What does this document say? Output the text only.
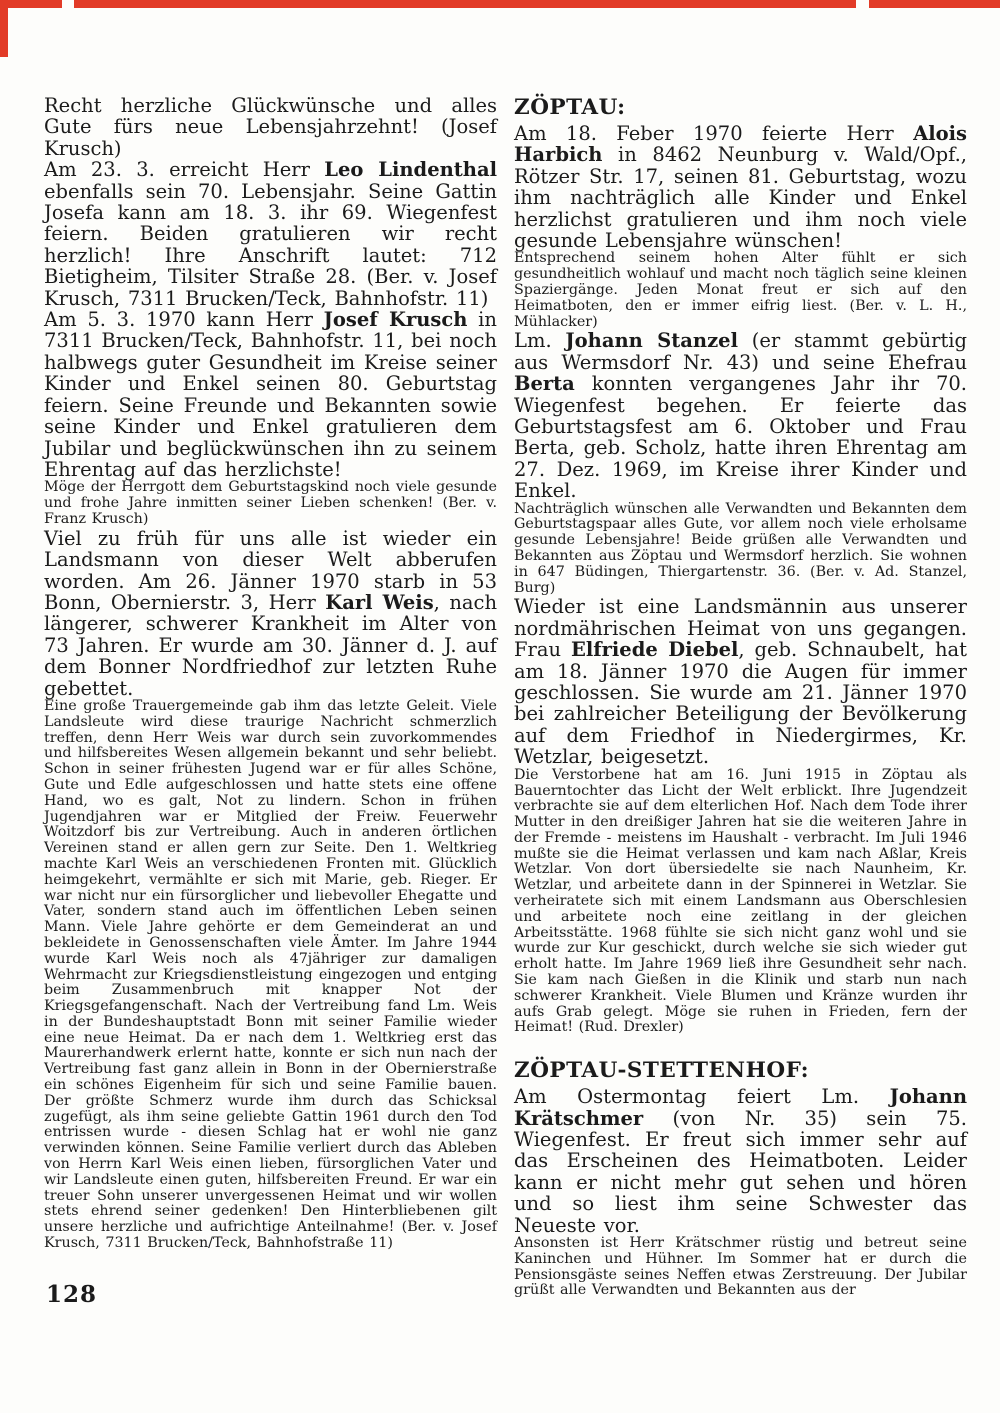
Recht herzliche Glückwünsche und alles Gute fürs neue Lebensjahrzehnt! (Josef Krusch)

Am 23. 3. erreicht Herr Leo Lindenthal ebenfalls sein 70. Lebensjahr. Seine Gattin Josefa kann am 18. 3. ihr 69. Wiegenfest feiern. Beiden gratulieren wir recht herzlich! Ihre Anschrift lautet: 712 Bietigheim, Tilsiter Straße 28. (Ber. v. Josef Krusch, 7311 Brucken/Teck, Bahnhofstr. 11)

Am 5. 3. 1970 kann Herr Josef Krusch in 7311 Brucken/Teck, Bahnhofstr. 11, bei noch halbwegs guter Gesundheit im Kreise seiner Kinder und Enkel seinen 80. Geburtstag feiern. Seine Freunde und Bekannten sowie seine Kinder und Enkel gratulieren dem Jubilar und beglückwünschen ihn zu seinem Ehrentag auf das herzlichste!

Möge der Herrgott dem Geburtstagskind noch viele gesunde und frohe Jahre inmitten seiner Lieben schenken! (Ber. v. Franz Krusch)

Viel zu früh für uns alle ist wieder ein Landsmann von dieser Welt abberufen worden. Am 26. Jänner 1970 starb in 53 Bonn, Obernierstr. 3, Herr Karl Weis, nach längerer, schwerer Krankheit im Alter von 73 Jahren. Er wurde am 30. Jänner d. J. auf dem Bonner Nordfriedhof zur letzten Ruhe gebettet.

Eine große Trauergemeinde gab ihm das letzte Geleit. Viele Landsleute wird diese traurige Nachricht schmerzlich treffen, denn Herr Weis war durch sein zuvorkommendes und hilfsbereites Wesen allgemein bekannt und sehr beliebt. Schon in seiner frühesten Jugend war er für alles Schöne, Gute und Edle aufgeschlossen und hatte stets eine offene Hand, wo es galt, Not zu lindern. Schon in frühen Jugendjahren war er Mitglied der Freiw. Feuerwehr Woitzdorf bis zur Vertreibung. Auch in anderen örtlichen Vereinen stand er allen gern zur Seite. Den 1. Weltkrieg machte Karl Weis an verschiedenen Fronten mit. Glücklich heimgekehrt, vermählte er sich mit Marie, geb. Rieger. Er war nicht nur ein fürsorglicher und liebevoller Ehegatte und Vater, sondern stand auch im öffentlichen Leben seinen Mann. Viele Jahre gehörte er dem Gemeinderat an und bekleidete in Genossenschaften viele Ämter. Im Jahre 1944 wurde Karl Weis noch als 47jähriger zur damaligen Wehrmacht zur Kriegsdienstleistung eingezogen und entging beim Zusammenbruch mit knapper Not der Kriegsgefangenschaft. Nach der Vertreibung fand Lm. Weis in der Bundeshauptstadt Bonn mit seiner Familie wieder eine neue Heimat. Da er nach dem 1. Weltkrieg erst das Maurerhandwerk erlernt hatte, konnte er sich nun nach der Vertreibung fast ganz allein in Bonn in der Obernierstraße ein schönes Eigenheim für sich und seine Familie bauen. Der größte Schmerz wurde ihm durch das Schicksal zugefügt, als ihm seine geliebte Gattin 1961 durch den Tod entrissen wurde - diesen Schlag hat er wohl nie ganz verwinden können. Seine Familie verliert durch das Ableben von Herrn Karl Weis einen lieben, fürsorglichen Vater und wir Landsleute einen guten, hilfsbereiten Freund. Er war ein treuer Sohn unserer unvergessenen Heimat und wir wollen stets ehrend seiner gedenken! Den Hinterbliebenen gilt unsere herzliche und aufrichtige Anteilnahme! (Ber. v. Josef Krusch, 7311 Brucken/Teck, Bahnhofstraße 11)

ZÖPTAU:

Am 18. Feber 1970 feierte Herr Alois Harbich in 8462 Neunburg v. Wald/Opf., Rötzer Str. 17, seinen 81. Geburtstag, wozu ihm nachträglich alle Kinder und Enkel herzlichst gratulieren und ihm noch viele gesunde Lebensjahre wünschen!

Entsprechend seinem hohen Alter fühlt er sich gesundheitlich wohlauf und macht noch täglich seine kleinen Spaziergänge. Jeden Monat freut er sich auf den Heimatboten, den er immer eifrig liest. (Ber. v. L. H., Mühlacker)

Lm. Johann Stanzel (er stammt gebürtig aus Wermsdorf Nr. 43) und seine Ehefrau Berta konnten vergangenes Jahr ihr 70. Wiegenfest begehen. Er feierte das Geburtstagsfest am 6. Oktober und Frau Berta, geb. Scholz, hatte ihren Ehrentag am 27. Dez. 1969, im Kreise ihrer Kinder und Enkel.

Nachträglich wünschen alle Verwandten und Bekannten dem Geburtstagspaar alles Gute, vor allem noch viele erholsame gesunde Lebensjahre! Beide grüßen alle Verwandten und Bekannten aus Zöptau und Wermsdorf herzlich. Sie wohnen in 647 Büdingen, Thiergartenstr. 36. (Ber. v. Ad. Stanzel, Burg)

Wieder ist eine Landsmännin aus unserer nordmährischen Heimat von uns gegangen. Frau Elfriede Diebel, geb. Schnaubelt, hat am 18. Jänner 1970 die Augen für immer geschlossen. Sie wurde am 21. Jänner 1970 bei zahlreicher Beteiligung der Bevölkerung auf dem Friedhof in Niedergirmes, Kr. Wetzlar, beigesetzt.

Die Verstorbene hat am 16. Juni 1915 in Zöptau als Bauerntochter das Licht der Welt erblickt. Ihre Jugendzeit verbrachte sie auf dem elterlichen Hof. Nach dem Tode ihrer Mutter in den dreißiger Jahren hat sie die weiteren Jahre in der Fremde - meistens im Haushalt - verbracht. Im Juli 1946 mußte sie die Heimat verlassen und kam nach Aßlar, Kreis Wetzlar. Von dort übersiedelte sie nach Naunheim, Kr. Wetzlar, und arbeitete dann in der Spinnerei in Wetzlar. Sie verheiratete sich mit einem Landsmann aus Oberschlesien und arbeitete noch eine zeitlang in der gleichen Arbeitsstätte. 1968 fühlte sie sich nicht ganz wohl und sie wurde zur Kur geschickt, durch welche sie sich wieder gut erholt hatte. Im Jahre 1969 ließ ihre Gesundheit sehr nach. Sie kam nach Gießen in die Klinik und starb nun nach schwerer Krankheit. Viele Blumen und Kränze wurden ihr aufs Grab gelegt. Möge sie ruhen in Frieden, fern der Heimat! (Rud. Drexler)

ZÖPTAU-STETTENHOF:

Am Ostermontag feiert Lm. Johann Krätschmer (von Nr. 35) sein 75. Wiegenfest. Er freut sich immer sehr auf das Erscheinen des Heimatboten. Leider kann er nicht mehr gut sehen und hören und so liest ihm seine Schwester das Neueste vor.

Ansonsten ist Herr Krätschmer rüstig und betreut seine Kaninchen und Hühner. Im Sommer hat er durch die Pensionsgäste seines Neffen etwas Zerstreuung. Der Jubilar grüßt alle Verwandten und Bekannten aus der

128
